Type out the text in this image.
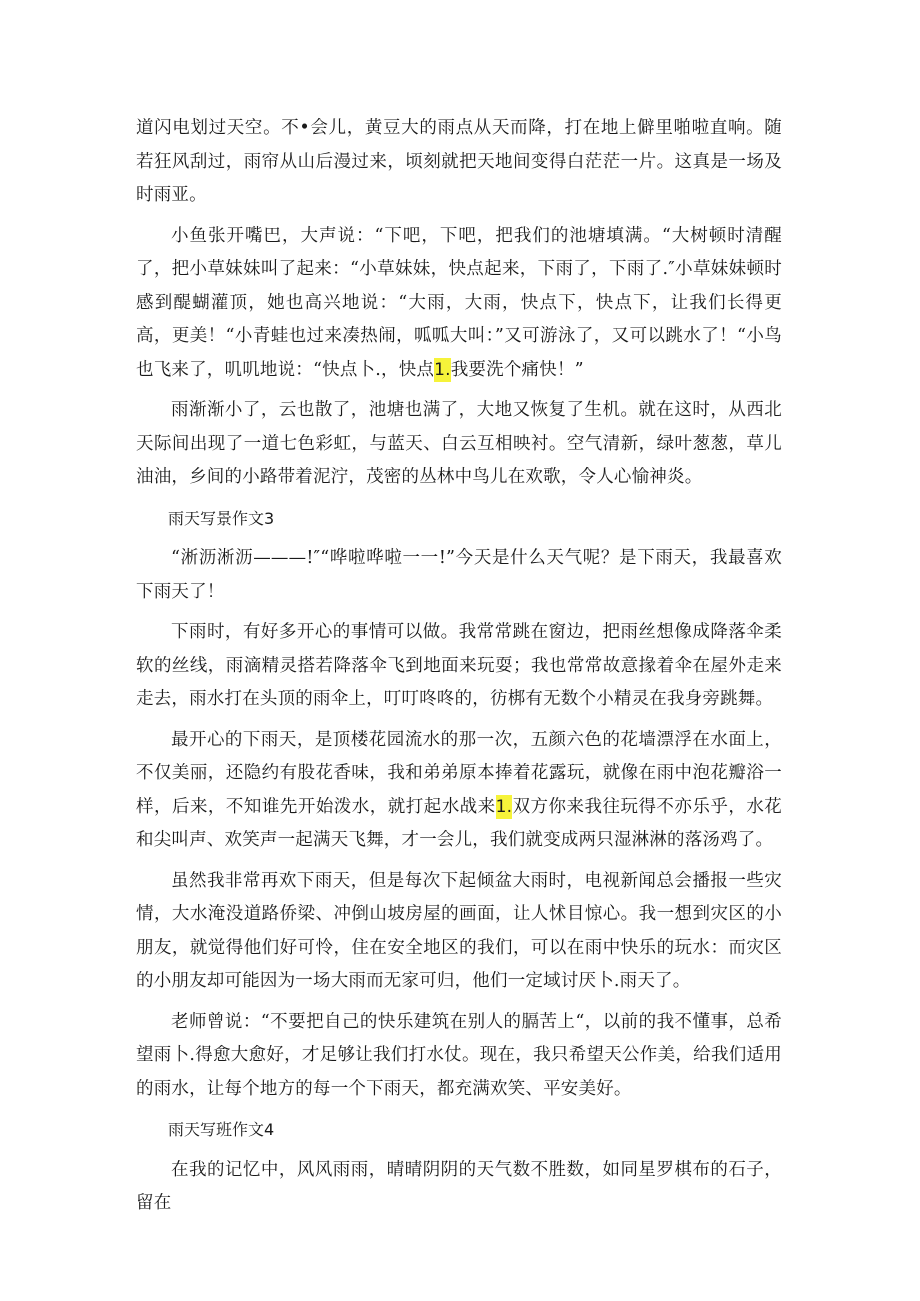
道闪电划过天空。不•会儿，黄豆大的雨点从天而降，打在地上僻里啪啦直响。随若狂风刮过，雨帘从山后漫过来，顷刻就把天地间变得白茫茫一片。这真是一场及时雨亚。

小鱼张开嘴巴，大声说：“下吧，下吧，把我们的池塘填满。“大树顿时清醒了，把小草妹妹叫了起来：“小草妹妹，快点起来，下雨了，下雨了.″小草妹妹顿时感到醍蝴灌顶，她也高兴地说：“大雨，大雨，快点下，快点下，让我们长得更高，更美！“小青蛙也过来凑热闹，呱呱大叫：”又可游泳了，又可以跳水了！“小鸟也飞来了，叽叽地说：“快点卜.，快点1.我要洗个痛快！”

雨渐渐小了，云也散了，池塘也满了，大地又恢复了生机。就在这时，从西北天际间出现了一道七色彩虹，与蓝天、白云互相映衬。空气清新，绿叶葱葱，草儿油油，乡间的小路带着泥泞，茂密的丛林中鸟儿在欢歌，令人心愉神炎。

雨天写景作文3

“淅沥淅沥———!″“哗啦哗啦一一!”今天是什么天气呢？是下雨天，我最喜欢下雨天了！

下雨时，有好多开心的事情可以做。我常常跳在窗边，把雨丝想像成降落伞柔软的丝线，雨滴精灵搭若降落伞飞到地面来玩耍；我也常常故意掾着伞在屋外走来走去，雨水打在头顶的雨伞上，叮叮咚咚的，彷梆有无数个小精灵在我身旁跳舞。

最开心的下雨天，是顶楼花园流水的那一次，五颜六色的花墙漂浮在水面上，不仅美丽，还隐约有股花香味，我和弟弟原本捧着花露玩，就像在雨中泡花瓣浴一样，后来，不知谁先开始泼水，就打起水战来1.双方你来我往玩得不亦乐乎，水花和尖叫声、欢笑声一起满天飞舞，才一会儿，我们就变成两只湿淋淋的落汤鸡了。

虽然我非常再欢下雨天，但是每次下起倾盆大雨时，电视新闻总会播报一些灾情，大水淹没道路侨梁、冲倒山坡房屋的画面，让人怵目惊心。我一想到灾区的小朋友，就觉得他们好可怜，住在安全地区的我们，可以在雨中快乐的玩水：而灾区的小朋友却可能因为一场大雨而无家可归，他们一定域讨厌卜.雨天了。

老师曾说：“不要把自己的快乐建筑在别人的膈苦上“，以前的我不懂事，总希望雨卜.得愈大愈好，才足够让我们打水仗。现在，我只希望天公作美，给我们适用的雨水，让每个地方的每一个下雨天，都充满欢笑、平安美好。

雨天写班作文4

在我的记忆中，风风雨雨，晴晴阴阴的天气数不胜数，如同星罗棋布的石子，留在
